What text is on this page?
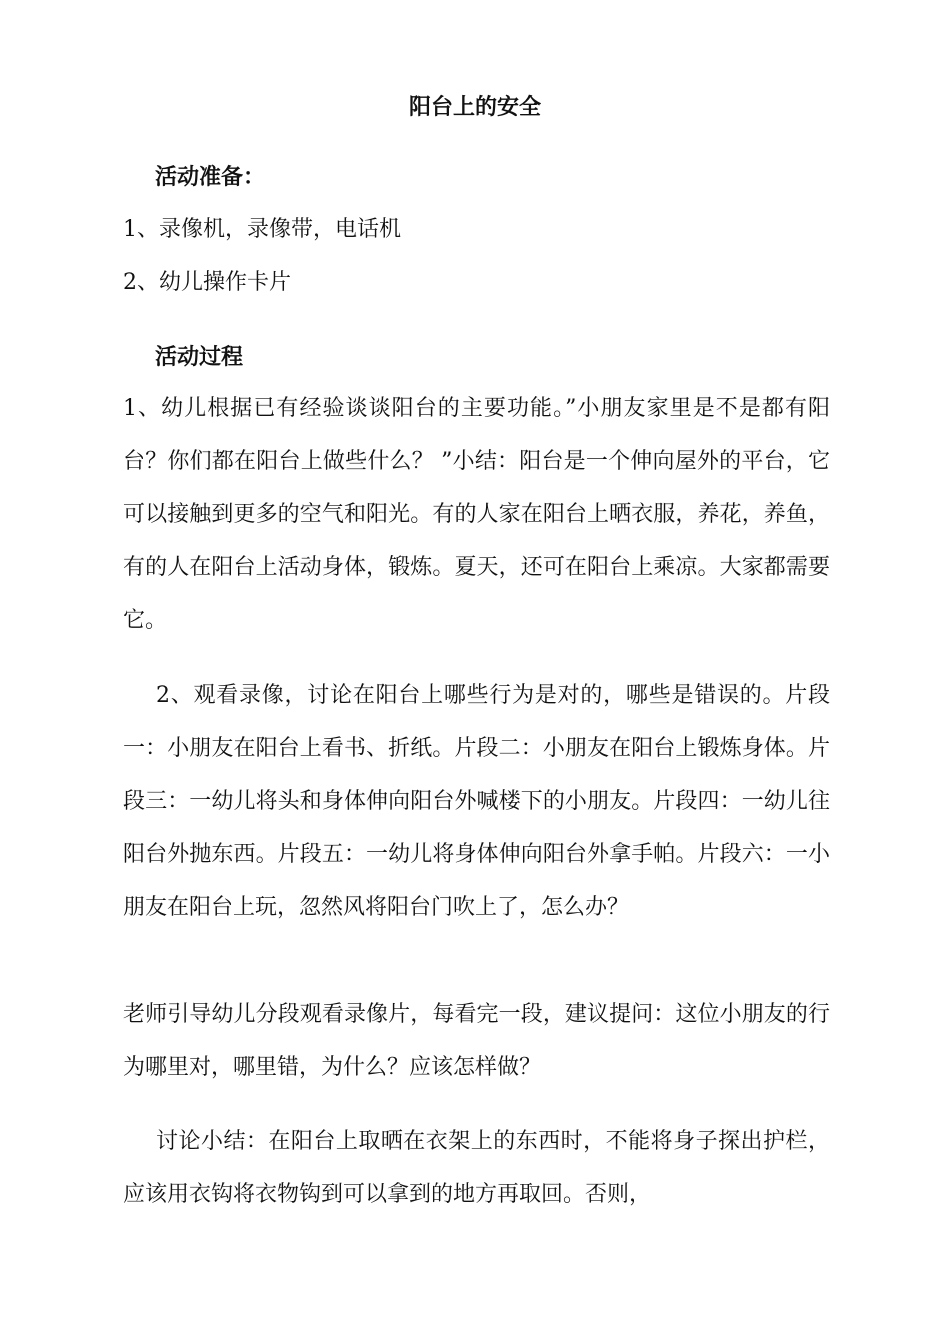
阳台上的安全
活动准备：
1、录像机，录像带，电话机
2、幼儿操作卡片
活动过程
1、幼儿根据已有经验谈谈阳台的主要功能。”小朋友家里是不是都有阳台？你们都在阳台上做些什么？ ”小结：阳台是一个伸向屋外的平台，它可以接触到更多的空气和阳光。有的人家在阳台上晒衣服，养花，养鱼，有的人在阳台上活动身体，锻炼。夏天，还可在阳台上乘凉。大家都需要它。
2、观看录像，讨论在阳台上哪些行为是对的，哪些是错误的。片段一：小朋友在阳台上看书、折纸。片段二：小朋友在阳台上锻炼身体。片段三：一幼儿将头和身体伸向阳台外喊楼下的小朋友。片段四：一幼儿往阳台外抛东西。片段五：一幼儿将身体伸向阳台外拿手帕。片段六：一小朋友在阳台上玩，忽然风将阳台门吹上了，怎么办？
老师引导幼儿分段观看录像片，每看完一段，建议提问：这位小朋友的行为哪里对，哪里错，为什么？应该怎样做？
讨论小结：在阳台上取晒在衣架上的东西时，不能将身子探出护栏，应该用衣钩将衣物钩到可以拿到的地方再取回。否则，
